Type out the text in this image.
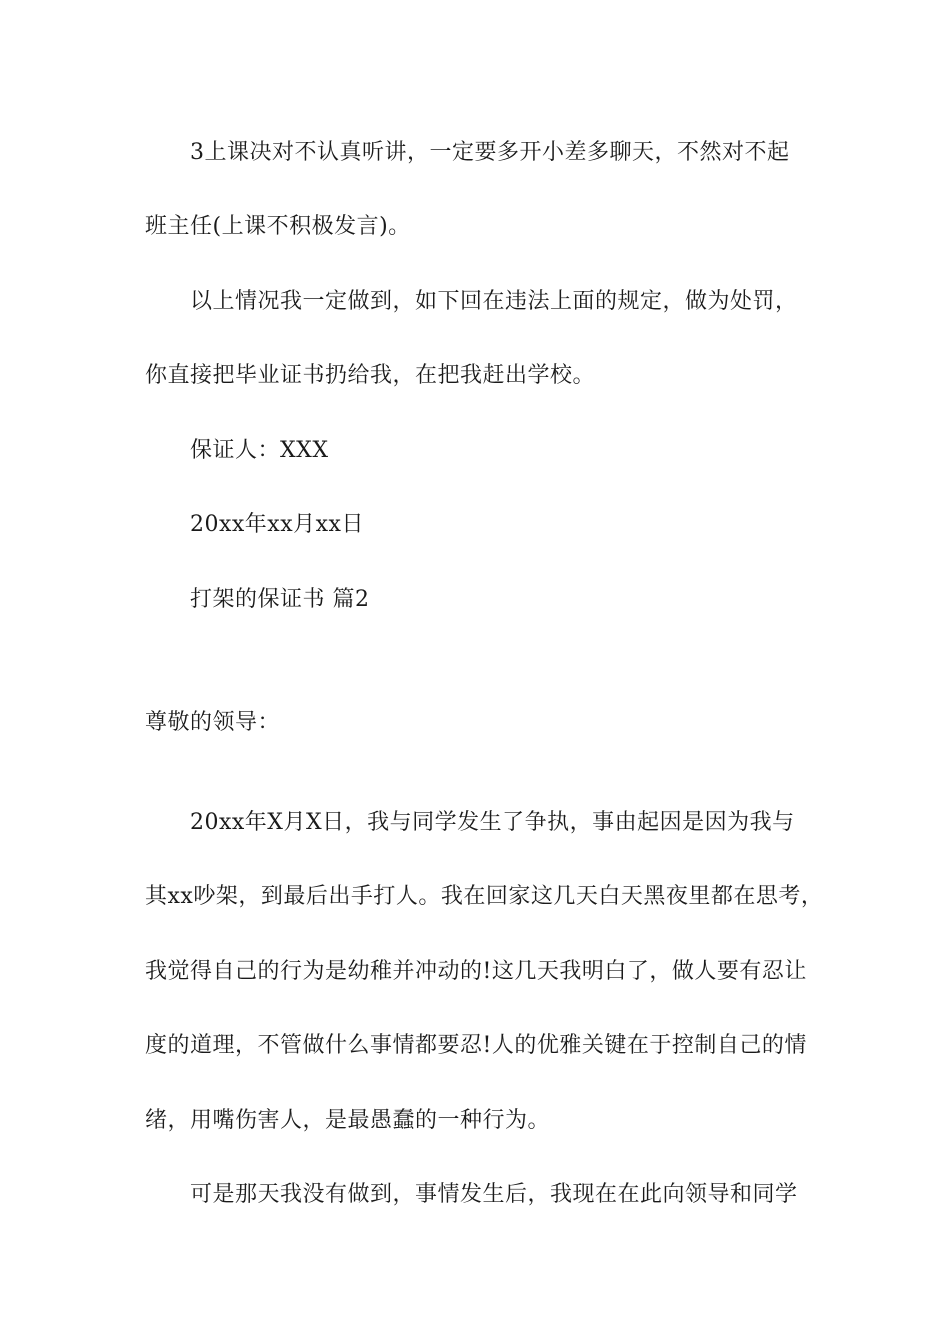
3上课决对不认真听讲，一定要多开小差多聊天，不然对不起
班主任(上课不积极发言)。
以上情况我一定做到，如下回在违法上面的规定，做为处罚，
你直接把毕业证书扔给我，在把我赶出学校。
保证人：XXX
20xx年xx月xx日
打架的保证书 篇2
尊敬的领导：
20xx年X月X日，我与同学发生了争执，事由起因是因为我与
其xx吵架，到最后出手打人。我在回家这几天白天黑夜里都在思考，
我觉得自己的行为是幼稚并冲动的!这几天我明白了，做人要有忍让
度的道理，不管做什么事情都要忍!人的优雅关键在于控制自己的情
绪，用嘴伤害人，是最愚蠢的一种行为。
可是那天我没有做到，事情发生后，我现在在此向领导和同学
